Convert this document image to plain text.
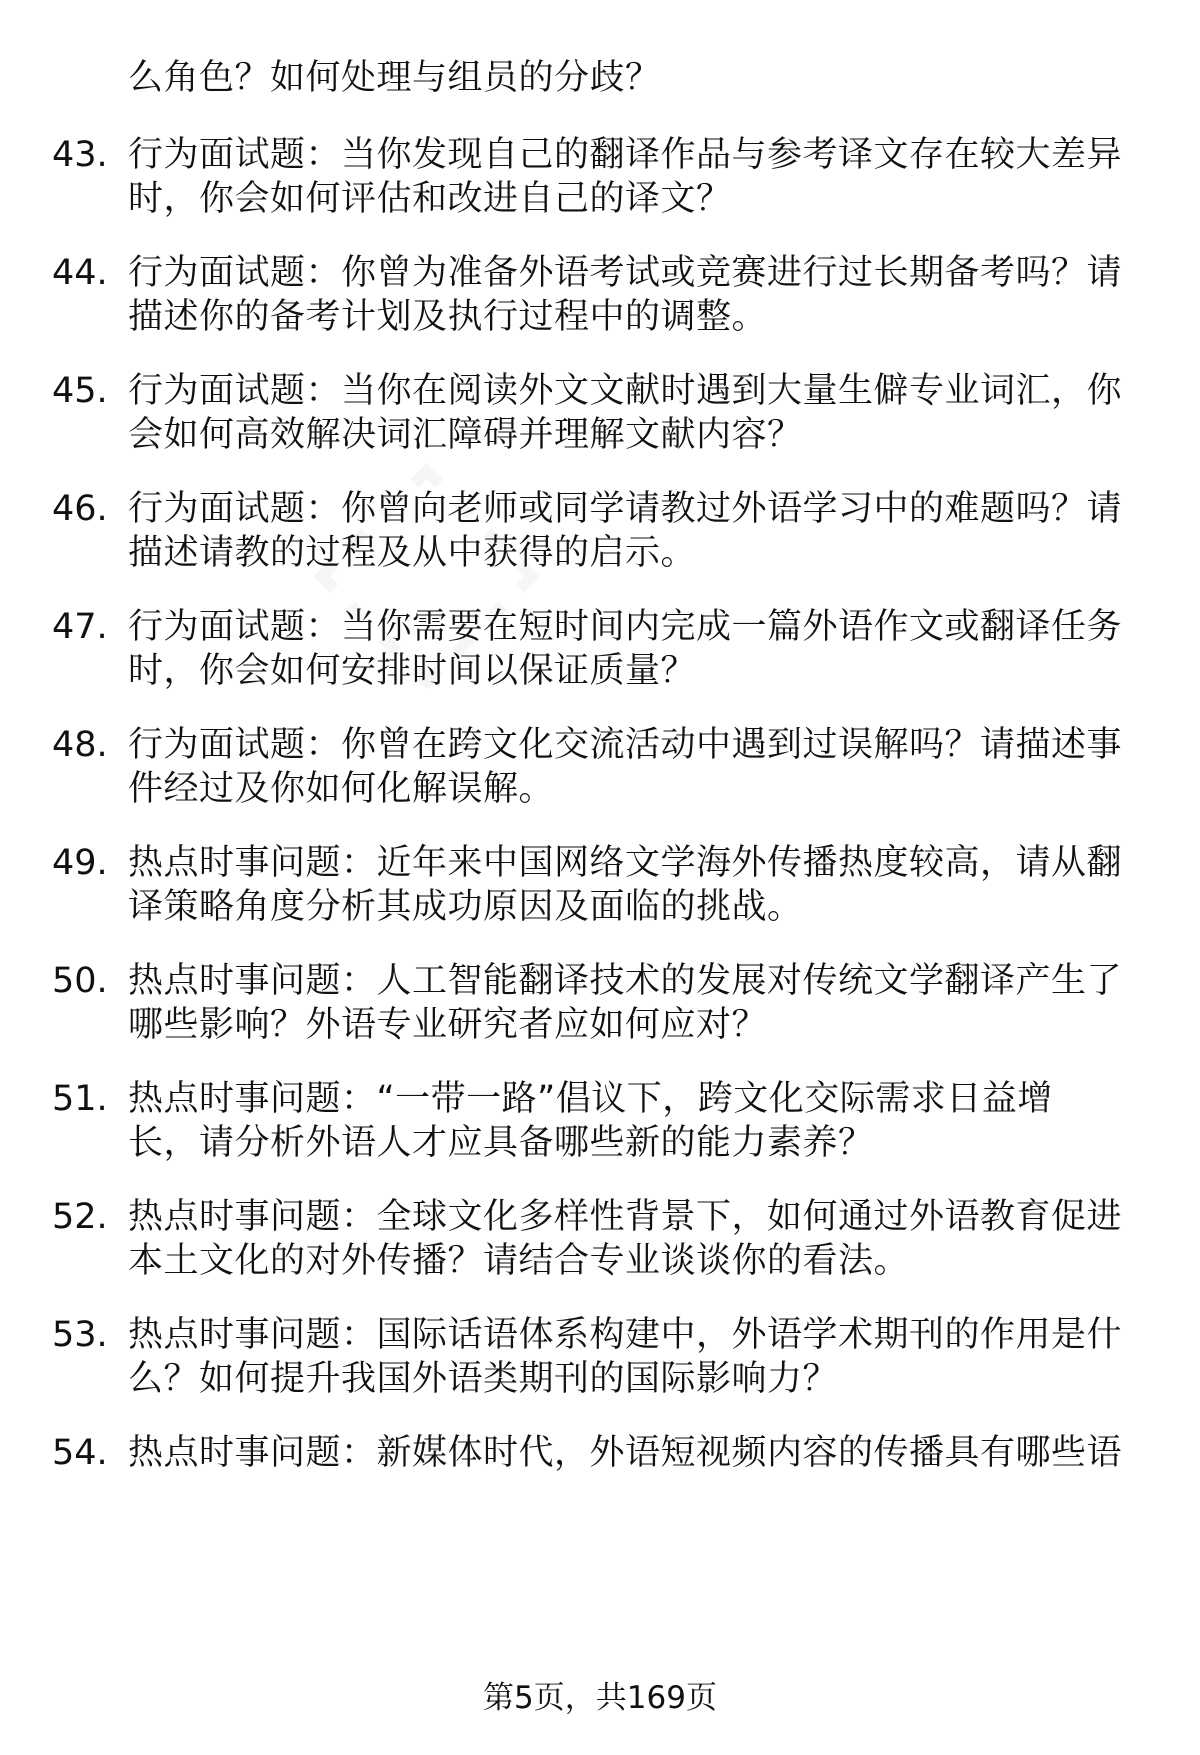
么角色？如何处理与组员的分歧？
43. 行为面试题：当你发现自己的翻译作品与参考译文存在较大差异
时，你会如何评估和改进自己的译文？
44. 行为面试题：你曾为准备外语考试或竞赛进行过长期备考吗？请
描述你的备考计划及执行过程中的调整。
45. 行为面试题：当你在阅读外文文献时遇到大量生僻专业词汇，你
会如何高效解决词汇障碍并理解文献内容？
46. 行为面试题：你曾向老师或同学请教过外语学习中的难题吗？请
描述请教的过程及从中获得的启示。
47. 行为面试题：当你需要在短时间内完成一篇外语作文或翻译任务
时，你会如何安排时间以保证质量？
48. 行为面试题：你曾在跨文化交流活动中遇到过误解吗？请描述事
件经过及你如何化解误解。
49. 热点时事问题：近年来中国网络文学海外传播热度较高，请从翻
译策略角度分析其成功原因及面临的挑战。
50. 热点时事问题：人工智能翻译技术的发展对传统文学翻译产生了
哪些影响？外语专业研究者应如何应对？
51. 热点时事问题：“一带一路”倡议下，跨文化交际需求日益增
长，请分析外语人才应具备哪些新的能力素养？
52. 热点时事问题：全球文化多样性背景下，如何通过外语教育促进
本土文化的对外传播？请结合专业谈谈你的看法。
53. 热点时事问题：国际话语体系构建中，外语学术期刊的作用是什
么？如何提升我国外语类期刊的国际影响力？
54. 热点时事问题：新媒体时代，外语短视频内容的传播具有哪些语
第5页，共169页
